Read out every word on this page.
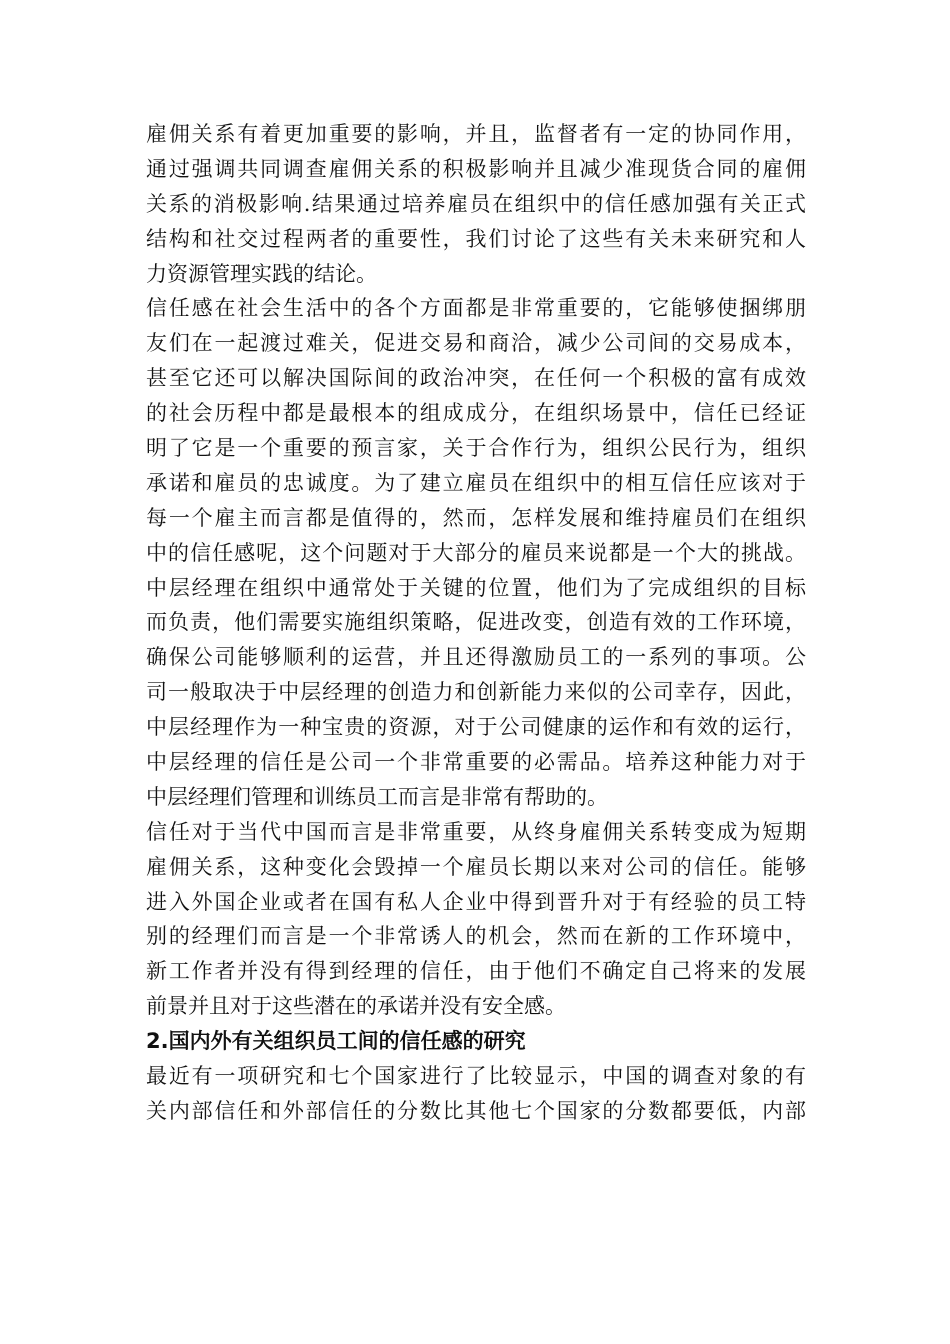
雇佣关系有着更加重要的影响，并且，监督者有一定的协同作用，
通过强调共同调查雇佣关系的积极影响并且减少准现货合同的雇佣
关系的消极影响.结果通过培养雇员在组织中的信任感加强有关正式
结构和社交过程两者的重要性，我们讨论了这些有关未来研究和人
力资源管理实践的结论。
信任感在社会生活中的各个方面都是非常重要的，它能够使捆绑朋
友们在一起渡过难关，促进交易和商洽，减少公司间的交易成本，
甚至它还可以解决国际间的政治冲突，在任何一个积极的富有成效
的社会历程中都是最根本的组成成分，在组织场景中，信任已经证
明了它是一个重要的预言家，关于合作行为，组织公民行为，组织
承诺和雇员的忠诚度。为了建立雇员在组织中的相互信任应该对于
每一个雇主而言都是值得的，然而，怎样发展和维持雇员们在组织
中的信任感呢，这个问题对于大部分的雇员来说都是一个大的挑战。
中层经理在组织中通常处于关键的位置，他们为了完成组织的目标
而负责，他们需要实施组织策略，促进改变，创造有效的工作环境，
确保公司能够顺利的运营，并且还得激励员工的一系列的事项。公
司一般取决于中层经理的创造力和创新能力来似的公司幸存，因此，
中层经理作为一种宝贵的资源，对于公司健康的运作和有效的运行，
中层经理的信任是公司一个非常重要的必需品。培养这种能力对于
中层经理们管理和训练员工而言是非常有帮助的。
信任对于当代中国而言是非常重要，从终身雇佣关系转变成为短期
雇佣关系，这种变化会毁掉一个雇员长期以来对公司的信任。能够
进入外国企业或者在国有私人企业中得到晋升对于有经验的员工特
别的经理们而言是一个非常诱人的机会，然而在新的工作环境中，
新工作者并没有得到经理的信任，由于他们不确定自己将来的发展
前景并且对于这些潜在的承诺并没有安全感。
2.国内外有关组织员工间的信任感的研究
最近有一项研究和七个国家进行了比较显示，中国的调查对象的有
关内部信任和外部信任的分数比其他七个国家的分数都要低，内部
